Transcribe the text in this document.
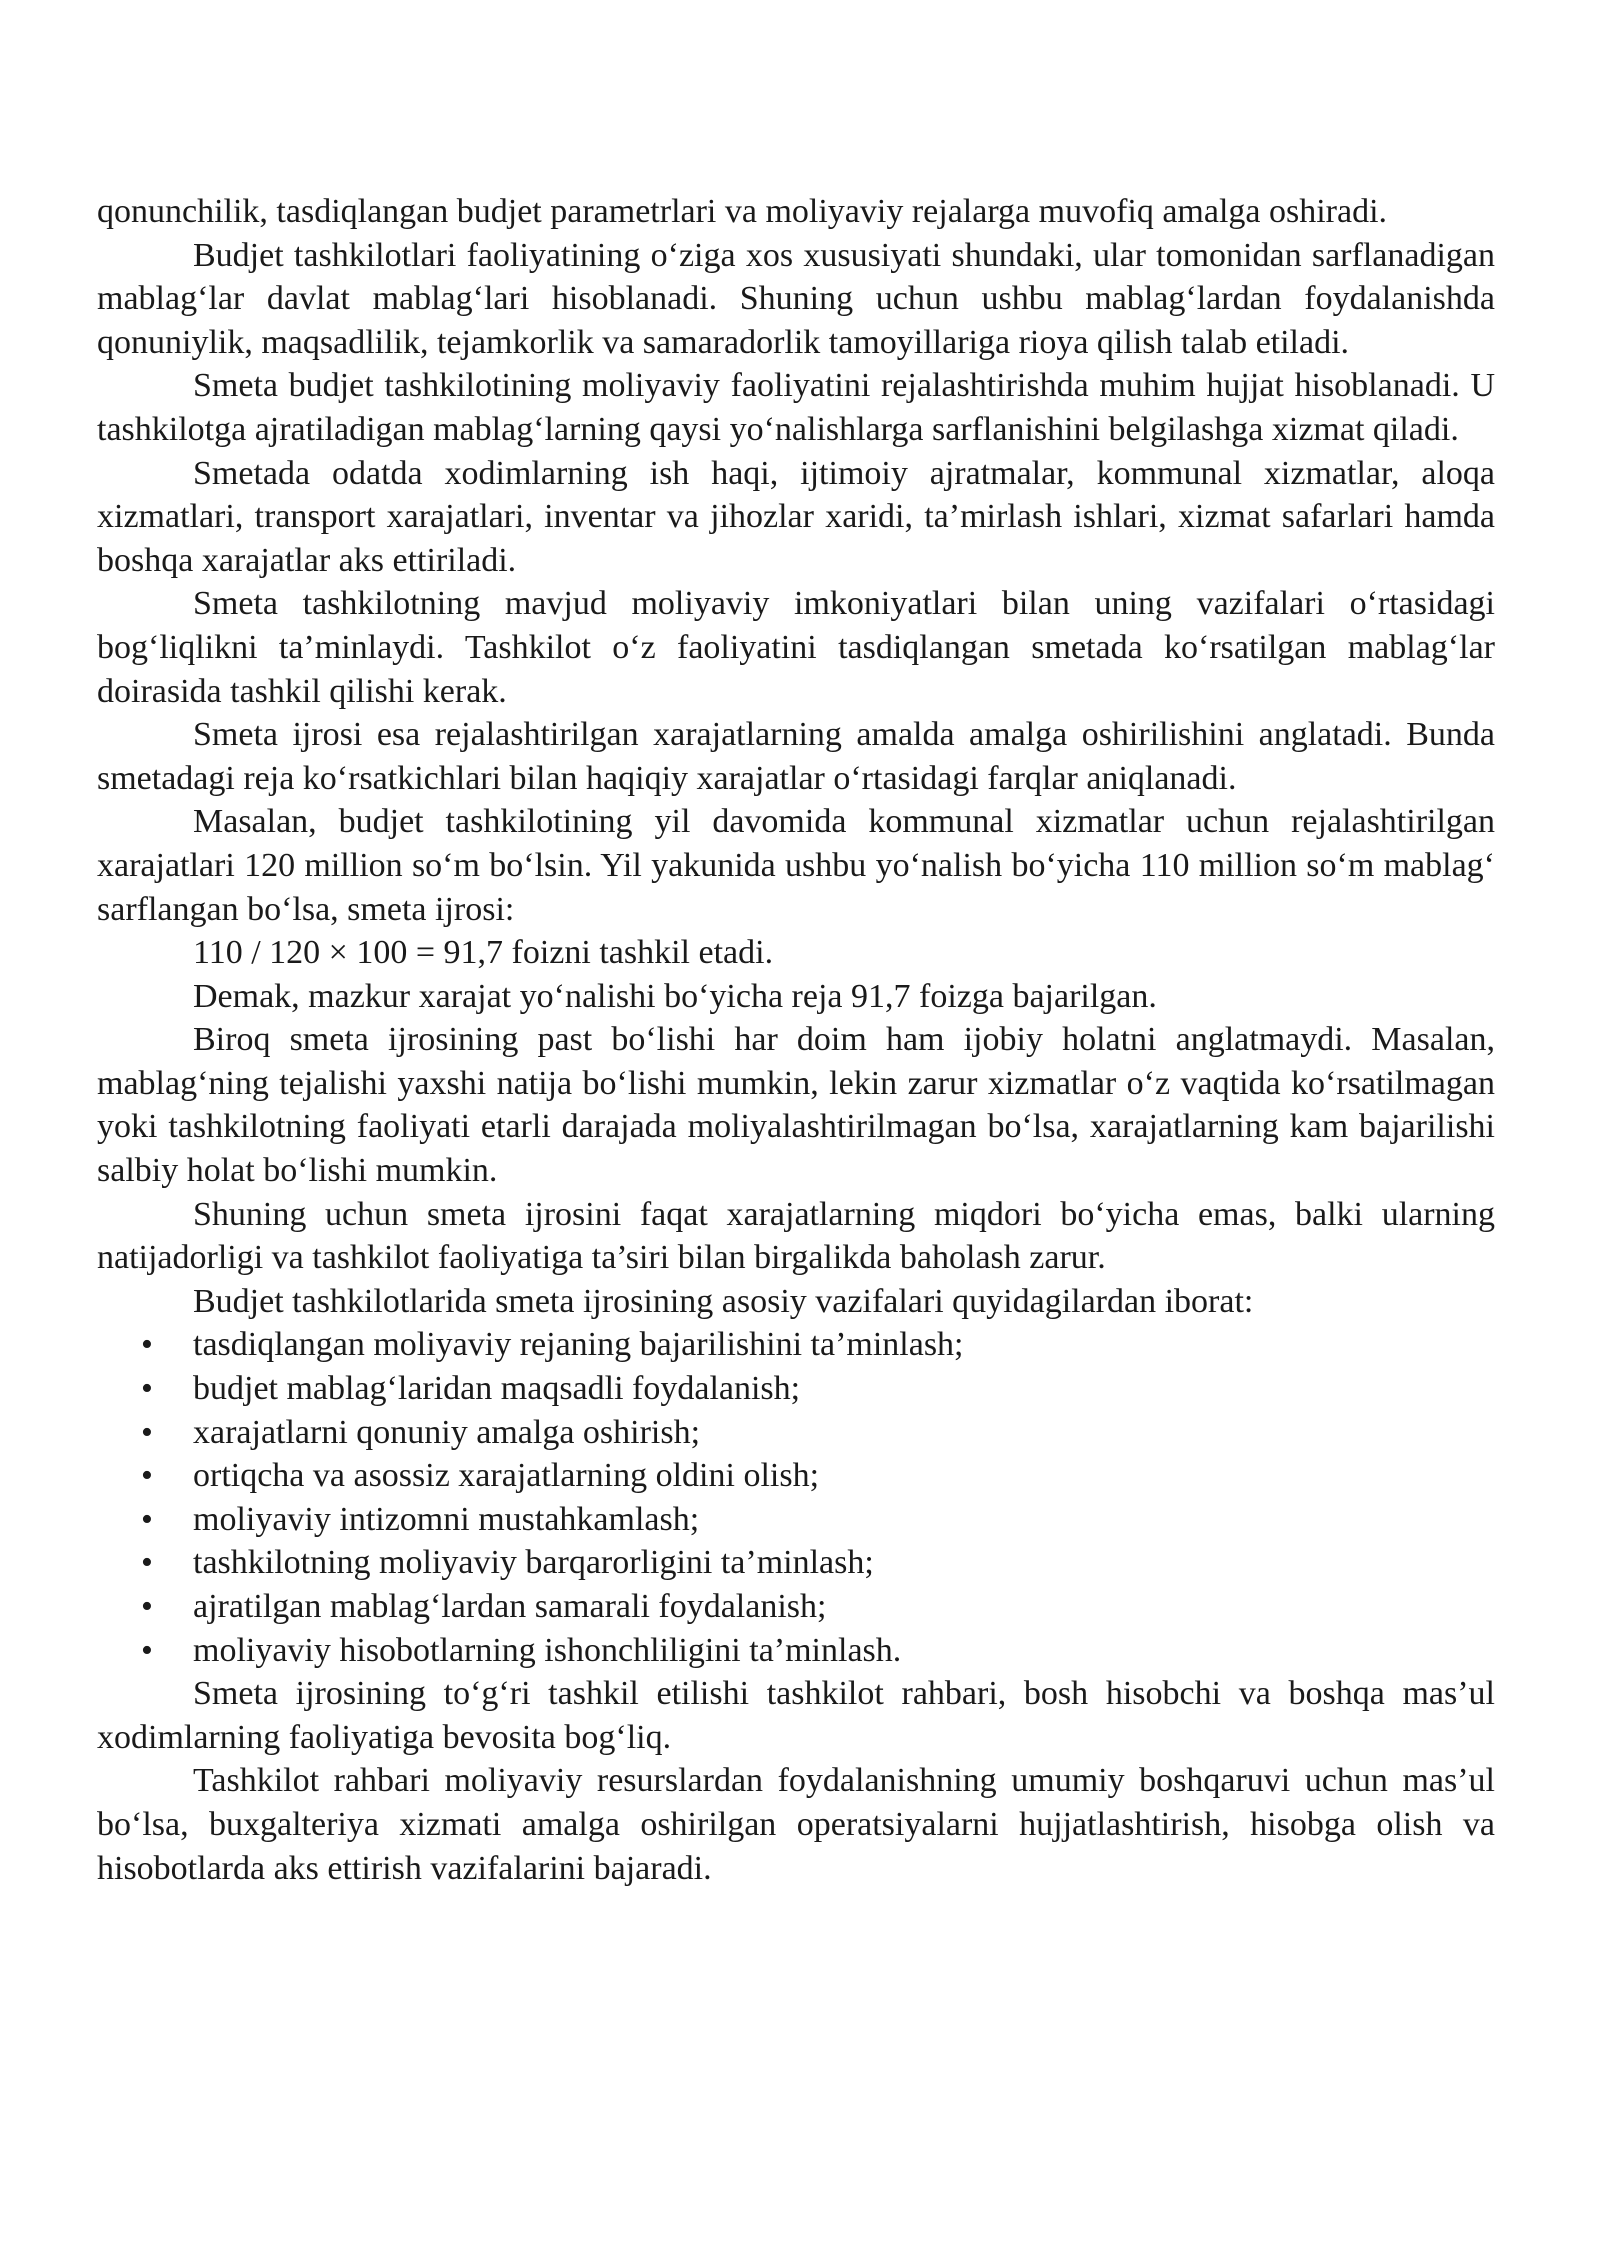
qonunchilik, tasdiqlangan budjet parametrlari va moliyaviy rejalarga muvofiq amalga oshiradi.

Budjet tashkilotlari faoliyatining o‘ziga xos xususiyati shundaki, ular tomonidan sarflanadigan mablag‘lar davlat mablag‘lari hisoblanadi. Shuning uchun ushbu mablag‘lardan foydalanishda qonuniylik, maqsadlilik, tejamkorlik va samaradorlik tamoyillariga rioya qilish talab etiladi.

Smeta budjet tashkilotining moliyaviy faoliyatini rejalashtirishda muhim hujjat hisoblanadi. U tashkilotga ajratiladigan mablag‘larning qaysi yo‘nalishlarga sarflanishini belgilashga xizmat qiladi.

Smetada odatda xodimlarning ish haqi, ijtimoiy ajratmalar, kommunal xizmatlar, aloqa xizmatlari, transport xarajatlari, inventar va jihozlar xaridi, ta’mirlash ishlari, xizmat safarlari hamda boshqa xarajatlar aks ettiriladi.

Smeta tashkilotning mavjud moliyaviy imkoniyatlari bilan uning vazifalari o‘rtasidagi bog‘liqlikni ta’minlaydi. Tashkilot o‘z faoliyatini tasdiqlangan smetada ko‘rsatilgan mablag‘lar doirasida tashkil qilishi kerak.

Smeta ijrosi esa rejalashtirilgan xarajatlarning amalda amalga oshirilishini anglatadi. Bunda smetadagi reja ko‘rsatkichlari bilan haqiqiy xarajatlar o‘rtasidagi farqlar aniqlanadi.

Masalan, budjet tashkilotining yil davomida kommunal xizmatlar uchun rejalashtirilgan xarajatlari 120 million so‘m bo‘lsin. Yil yakunida ushbu yo‘nalish bo‘yicha 110 million so‘m mablag‘ sarflangan bo‘lsa, smeta ijrosi:

110 / 120 × 100 = 91,7 foizni tashkil etadi.

Demak, mazkur xarajat yo‘nalishi bo‘yicha reja 91,7 foizga bajarilgan.

Biroq smeta ijrosining past bo‘lishi har doim ham ijobiy holatni anglatmaydi. Masalan, mablag‘ning tejalishi yaxshi natija bo‘lishi mumkin, lekin zarur xizmatlar o‘z vaqtida ko‘rsatilmagan yoki tashkilotning faoliyati etarli darajada moliyalashtirilmagan bo‘lsa, xarajatlarning kam bajarilishi salbiy holat bo‘lishi mumkin.

Shuning uchun smeta ijrosini faqat xarajatlarning miqdori bo‘yicha emas, balki ularning natijadorligi va tashkilot faoliyatiga ta’siri bilan birgalikda baholash zarur.

Budjet tashkilotlarida smeta ijrosining asosiy vazifalari quyidagilardan iborat:

• tasdiqlangan moliyaviy rejaning bajarilishini ta’minlash;
• budjet mablag‘laridan maqsadli foydalanish;
• xarajatlarni qonuniy amalga oshirish;
• ortiqcha va asossiz xarajatlarning oldini olish;
• moliyaviy intizomni mustahkamlash;
• tashkilotning moliyaviy barqarorligini ta’minlash;
• ajratilgan mablag‘lardan samarali foydalanish;
• moliyaviy hisobotlarning ishonchliligini ta’minlash.

Smeta ijrosining to‘g‘ri tashkil etilishi tashkilot rahbari, bosh hisobchi va boshqa mas’ul xodimlarning faoliyatiga bevosita bog‘liq.

Tashkilot rahbari moliyaviy resurslardan foydalanishning umumiy boshqaruvi uchun mas’ul bo‘lsa, buxgalteriya xizmati amalga oshirilgan operatsiyalarni hujjatlashtirish, hisobga olish va hisobotlarda aks ettirish vazifalarini bajaradi.
